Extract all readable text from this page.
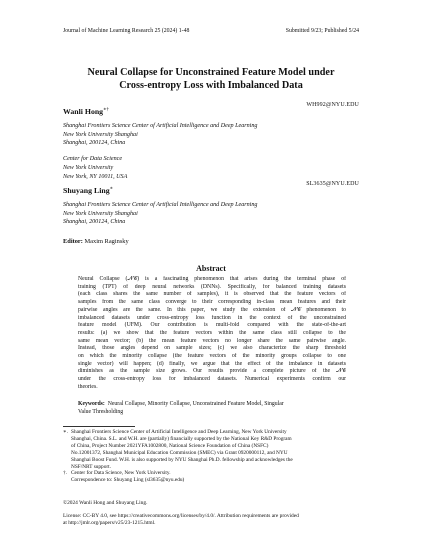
Journal of Machine Learning Research 25 (2024) 1-48	Submitted 9/23; Published 5/24
Neural Collapse for Unconstrained Feature Model under
Cross-entropy Loss with Imbalanced Data
Wanli Hong∗†
WH992@NYU.EDU
Shanghai Frontiers Science Center of Artificial Intelligence and Deep Learning
New York University Shanghai
Shanghai, 200124, China
Center for Data Science
New York University
New York, NY 10011, USA
Shuyang Ling∗
SL3635@NYU.EDU
Shanghai Frontiers Science Center of Artificial Intelligence and Deep Learning
New York University Shanghai
Shanghai, 200124, China
Editor: Maxim Raginsky
Abstract
Neural Collapse (𝒩𝒞) is a fascinating phenomenon that arises during the terminal phase of
training (TPT) of deep neural networks (DNNs). Specifically, for balanced training datasets
(each class shares the same number of samples), it is observed that the feature vectors of
samples from the same class converge to their corresponding in-class mean features and their
pairwise angles are the same. In this paper, we study the extension of 𝒩𝒞 phenomenon to
imbalanced datasets under cross-entropy loss function in the context of the unconstrained
feature model (UFM). Our contribution is multi-fold compared with the state-of-the-art
results: (a) we show that the feature vectors within the same class still collapse to the
same mean vector; (b) the mean feature vectors no longer share the same pairwise angle.
Instead, those angles depend on sample sizes; (c) we also characterize the sharp threshold
on which the minority collapse (the feature vectors of the minority groups collapse to one
single vector) will happen; (d) finally, we argue that the effect of the imbalance in datasets
diminishes as the sample size grows. Our results provide a complete picture of the 𝒩𝒞
under the cross-entropy loss for imbalanced datasets. Numerical experiments confirm our
theories.
Keywords: Neural Collapse, Minority Collapse, Unconstrained Feature Model, Singular
Value Thresholding
∗. Shanghai Frontiers Science Center of Artificial Intelligence and Deep Learning, New York University
Shanghai, China. S.L. and W.H. are (partially) financially supported by the National Key R&D Program
of China, Project Number 2021YFA1002800, National Science Foundation of China (NSFC)
No.12001372, Shanghai Municipal Education Commission (SMEC) via Grant 0920000112, and NYU
Shanghai Boost Fund. W.H. is also supported by NYU Shanghai Ph.D. fellowship and acknowledges the
NSF/NRT support.
†. Center for Data Science, New York University.
Correspondence to: Shuyang Ling (sl3635@nyu.edu)
©2024 Wanli Hong and Shuyang Ling.
License: CC-BY 4.0, see https://creativecommons.org/licenses/by/4.0/. Attribution requirements are provided
at http://jmlr.org/papers/v25/23-1215.html.
